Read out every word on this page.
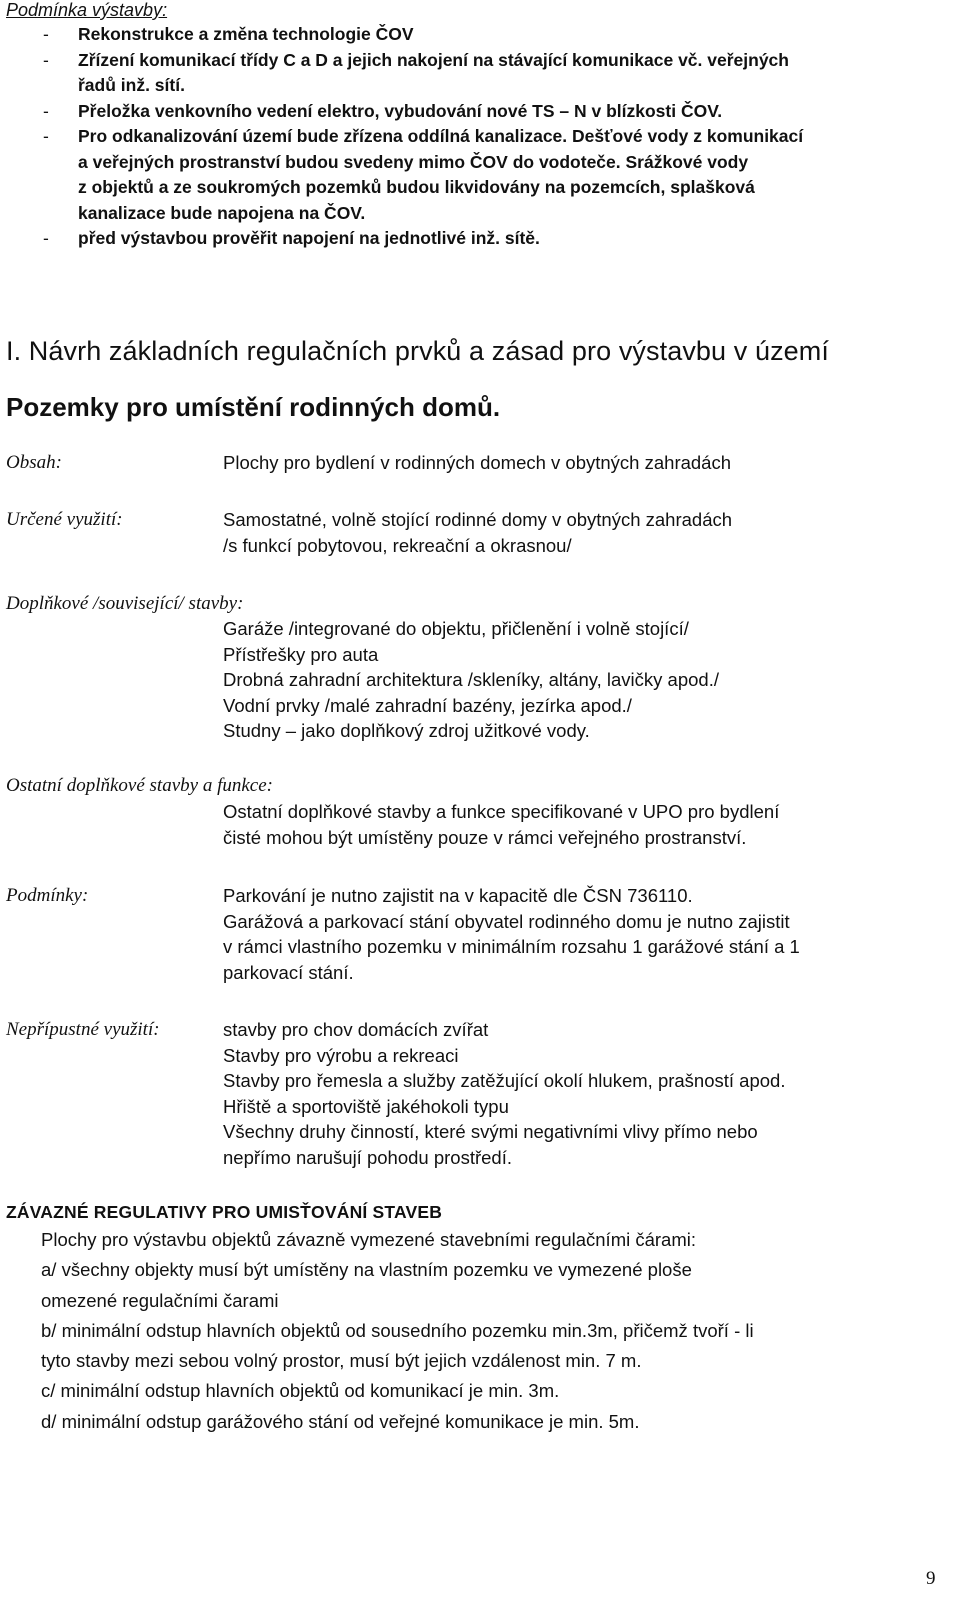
Podmínka výstavby:
- Rekonstrukce a změna technologie ČOV
- Zřízení komunikací třídy C a D a jejich nakojení na stávající komunikace vč. veřejných
řadů inž. sítí.
- Přeložka venkovního vedení elektro, vybudování nové TS – N v blízkosti ČOV.
- Pro odkanalizování území bude zřízena oddílná kanalizace. Dešťové vody z komunikací
a veřejných prostranství budou svedeny mimo ČOV do vodoteče. Srážkové vody
z objektů a ze soukromých pozemků budou likvidovány na pozemcích, splašková
kanalizace bude napojena na ČOV.
- před výstavbou prověřit napojení na jednotlivé inž. sítě.
I. Návrh základních regulačních prvků a zásad pro výstavbu v území
Pozemky pro umístění rodinných domů.
Obsah:	Plochy pro bydlení v rodinných domech v obytných zahradách
Určené využití:	Samostatné, volně stojící rodinné domy v obytných zahradách
/s funkcí pobytovou, rekreační a okrasnou/
Doplňkové /související/ stavby:
Garáže /integrované do objektu, přičlenění i volně stojící/
Přístřešky pro auta
Drobná zahradní architektura /skleníky, altány, lavičky apod./
Vodní prvky /malé zahradní bazény, jezírka apod./
Studny – jako doplňkový zdroj užitkové vody.
Ostatní doplňkové stavby a funkce:
Ostatní doplňkové stavby a funkce specifikované v UPO pro bydlení
čisté mohou být umístěny pouze v rámci veřejného prostranství.
Podmínky:	Parkování je nutno zajistit na v kapacitě dle ČSN 736110.
Garážová a parkovací stání obyvatel rodinného domu je nutno zajistit
v rámci vlastního pozemku v minimálním rozsahu 1 garážové stání a 1
parkovací stání.
Nepřípustné využití:	stavby pro chov domácích zvířat
Stavby pro výrobu a rekreaci
Stavby pro řemesla a služby zatěžující okolí hlukem, prašností apod.
Hřiště a sportoviště jakéhokoli typu
Všechny druhy činností, které svými negativními vlivy přímo nebo
nepřímo narušují pohodu prostředí.
ZÁVAZNÉ REGULATIVY PRO UMISŤOVÁNÍ STAVEB
Plochy pro výstavbu objektů závazně vymezené stavebními regulačními čárami:
a/ všechny objekty musí být umístěny na vlastním pozemku ve vymezené ploše
omezené regulačními čarami
b/ minimální odstup hlavních objektů od sousedního pozemku min.3m, přičemž tvoří - li
tyto stavby mezi sebou volný prostor, musí být jejich vzdálenost min. 7 m.
c/ minimální odstup hlavních objektů od komunikací je min. 3m.
d/ minimální odstup garážového stání od veřejné komunikace je min. 5m.
9
